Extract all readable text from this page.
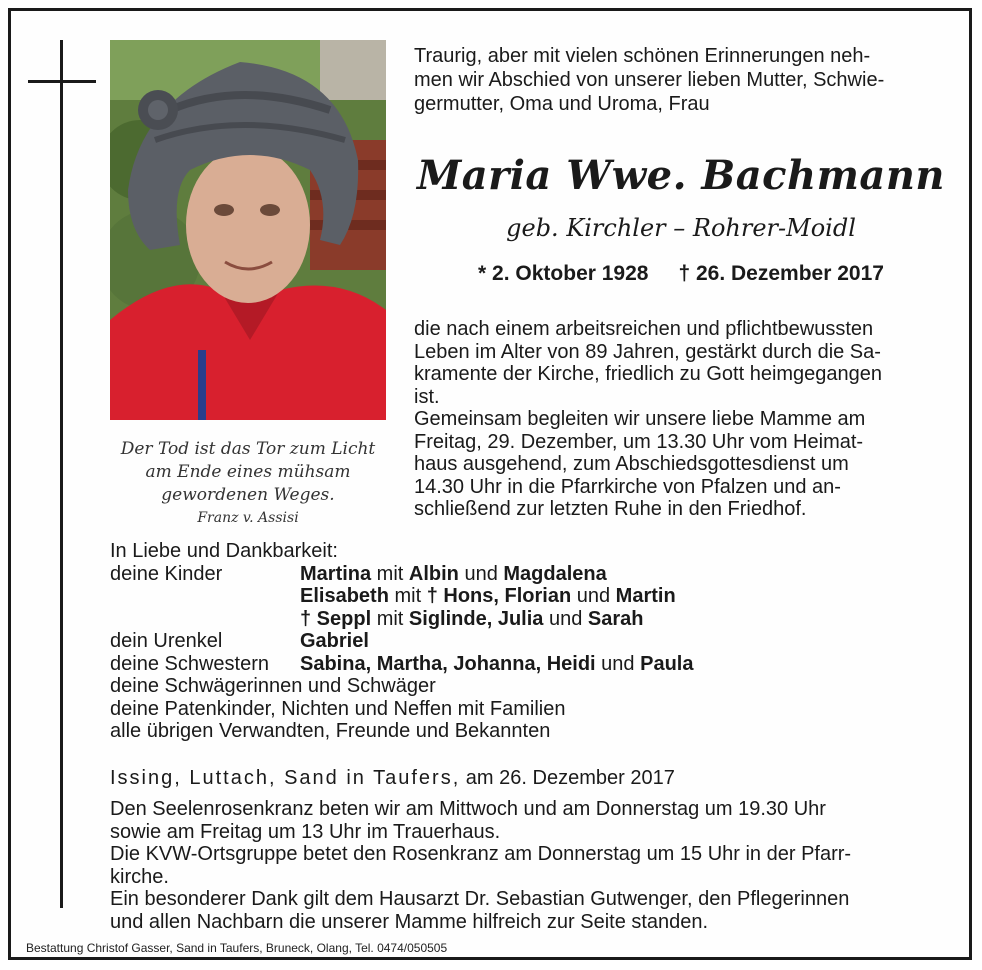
Der Tod ist das Tor zum Licht
am Ende eines mühsam
gewordenen Weges.
Franz v. Assisi
Traurig, aber mit vielen schönen Erinnerungen neh-
men wir Abschied von unserer lieben Mutter, Schwie-
germutter, Oma und Uroma, Frau
Maria Wwe. Bachmann
geb. Kirchler – Rohrer-Moidl
* 2. Oktober 1928 † 26. Dezember 2017
die nach einem arbeitsreichen und pflichtbewussten
Leben im Alter von 89 Jahren, gestärkt durch die Sa-
kramente der Kirche, friedlich zu Gott heimgegangen
ist.
Gemeinsam begleiten wir unsere liebe Mamme am
Freitag, 29. Dezember, um 13.30 Uhr vom Heimat-
haus ausgehend, zum Abschiedsgottesdienst um
14.30 Uhr in die Pfarrkirche von Pfalzen und an-
schließend zur letzten Ruhe in den Friedhof.
In Liebe und Dankbarkeit:
deine Kinder	Martina mit Albin und Magdalena
Elisabeth mit † Hons, Florian und Martin
† Seppl mit Siglinde, Julia und Sarah
dein Urenkel	Gabriel
deine Schwestern	Sabina, Martha, Johanna, Heidi und Paula
deine Schwägerinnen und Schwäger
deine Patenkinder, Nichten und Neffen mit Familien
alle übrigen Verwandten, Freunde und Bekannten
Issing, Luttach, Sand in Taufers, am 26. Dezember 2017
Den Seelenrosenkranz beten wir am Mittwoch und am Donnerstag um 19.30 Uhr
sowie am Freitag um 13 Uhr im Trauerhaus.
Die KVW-Ortsgruppe betet den Rosenkranz am Donnerstag um 15 Uhr in der Pfarr-
kirche.
Ein besonderer Dank gilt dem Hausarzt Dr. Sebastian Gutwenger, den Pflegerinnen
und allen Nachbarn die unserer Mamme hilfreich zur Seite standen.
Bestattung Christof Gasser, Sand in Taufers, Bruneck, Olang, Tel. 0474/050505
